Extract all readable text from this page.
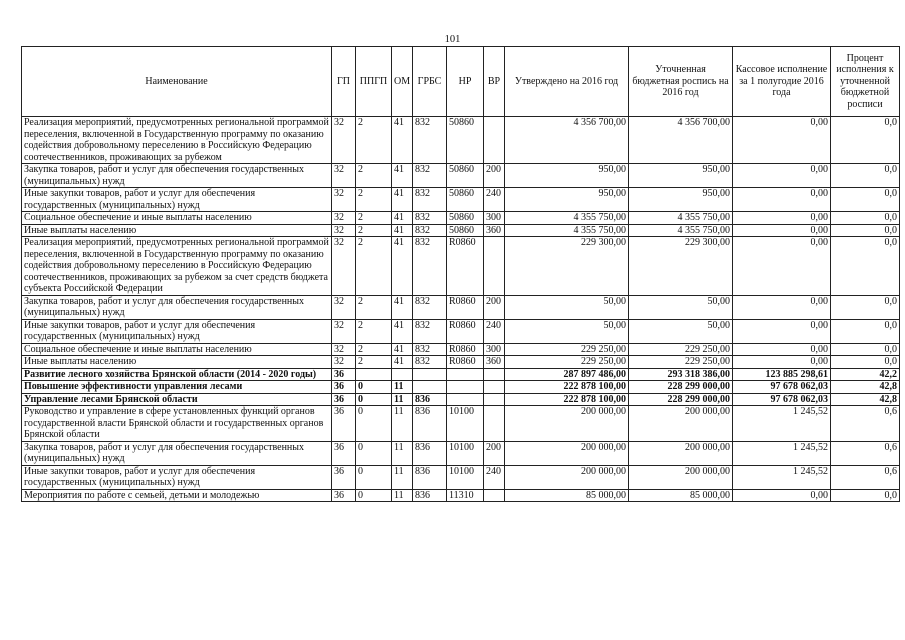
101
Наименование	ГП	ППГП	ОМ	ГРБС	НР	ВР	Утверждено на 2016 год	Уточненная бюджетная роспись на 2016 год	Кассовое исполнение за 1 полугодие 2016 года	Процент исполнения к уточненной бюджетной росписи
Реализация мероприятий, предусмотренных региональной программой переселения, включенной в Государственную программу по оказанию содействия добровольному переселению в Российскую Федерацию соотечественников, проживающих за рубежом	32	2	41	832	50860		4 356 700,00	4 356 700,00	0,00	0,0
Закупка товаров, работ и услуг для обеспечения государственных (муниципальных) нужд	32	2	41	832	50860	200	950,00	950,00	0,00	0,0
Иные закупки товаров, работ и услуг для обеспечения государственных (муниципальных) нужд	32	2	41	832	50860	240	950,00	950,00	0,00	0,0
Социальное обеспечение и иные выплаты населению	32	2	41	832	50860	300	4 355 750,00	4 355 750,00	0,00	0,0
Иные выплаты населению	32	2	41	832	50860	360	4 355 750,00	4 355 750,00	0,00	0,0
Реализация мероприятий, предусмотренных региональной программой переселения, включенной в Государственную программу по оказанию содействия добровольному переселению в Российскую Федерацию соотечественников, проживающих за рубежом за счет средств бюджета субъекта Российской Федерации	32	2	41	832	R0860		229 300,00	229 300,00	0,00	0,0
Закупка товаров, работ и услуг для обеспечения государственных (муниципальных) нужд	32	2	41	832	R0860	200	50,00	50,00	0,00	0,0
Иные закупки товаров, работ и услуг для обеспечения государственных (муниципальных) нужд	32	2	41	832	R0860	240	50,00	50,00	0,00	0,0
Социальное обеспечение и иные выплаты населению	32	2	41	832	R0860	300	229 250,00	229 250,00	0,00	0,0
Иные выплаты населению	32	2	41	832	R0860	360	229 250,00	229 250,00	0,00	0,0
Развитие лесного хозяйства Брянской области (2014 - 2020 годы)	36						287 897 486,00	293 318 386,00	123 885 298,61	42,2
Повышение эффективности управления лесами	36	0	11				222 878 100,00	228 299 000,00	97 678 062,03	42,8
Управление лесами Брянской области	36	0	11	836			222 878 100,00	228 299 000,00	97 678 062,03	42,8
Руководство и управление в сфере установленных функций органов государственной власти Брянской области и государственных органов Брянской области	36	0	11	836	10100		200 000,00	200 000,00	1 245,52	0,6
Закупка товаров, работ и услуг для обеспечения государственных (муниципальных) нужд	36	0	11	836	10100	200	200 000,00	200 000,00	1 245,52	0,6
Иные закупки товаров, работ и услуг для обеспечения государственных (муниципальных) нужд	36	0	11	836	10100	240	200 000,00	200 000,00	1 245,52	0,6
Мероприятия по работе с семьей, детьми и молодежью	36	0	11	836	11310		85 000,00	85 000,00	0,00	0,0
